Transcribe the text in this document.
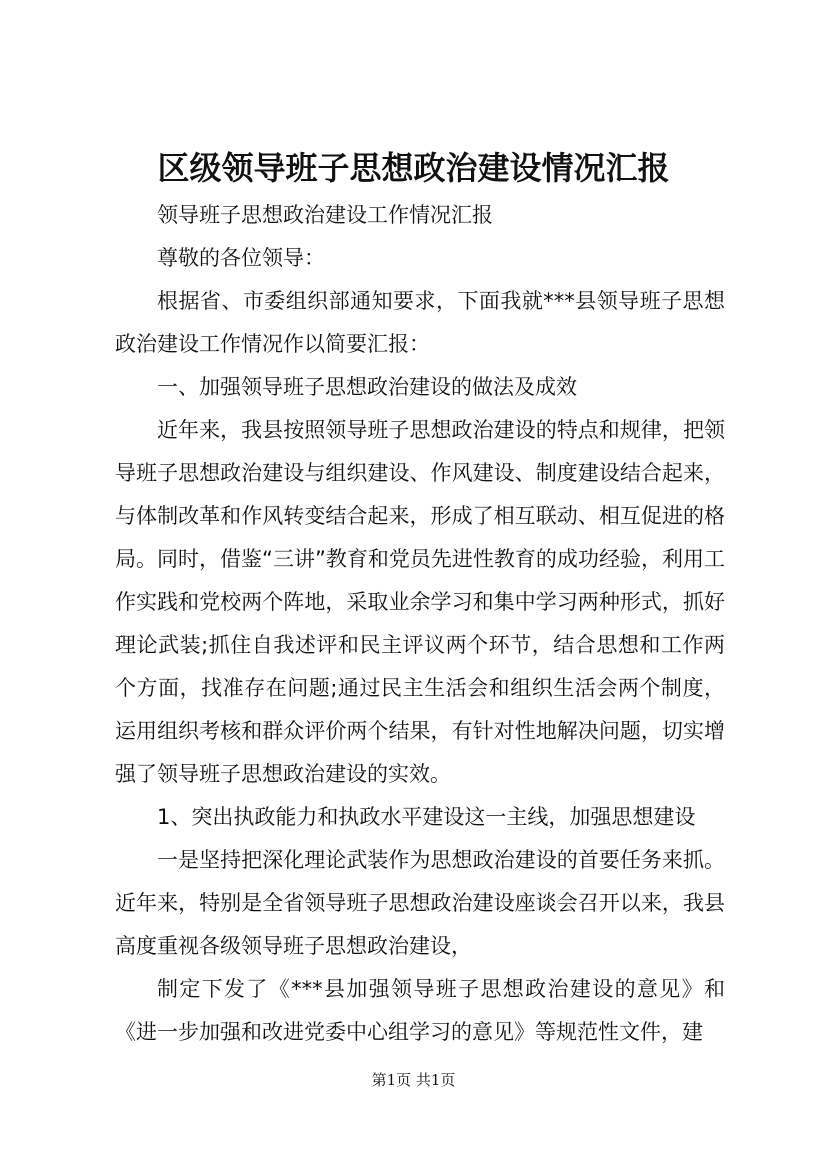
区级领导班子思想政治建设情况汇报

领导班子思想政治建设工作情况汇报

尊敬的各位领导：

根据省、市委组织部通知要求，下面我就***县领导班子思想政治建设工作情况作以简要汇报：

一、加强领导班子思想政治建设的做法及成效

近年来，我县按照领导班子思想政治建设的特点和规律，把领导班子思想政治建设与组织建设、作风建设、制度建设结合起来，与体制改革和作风转变结合起来，形成了相互联动、相互促进的格局。同时，借鉴“三讲”教育和党员先进性教育的成功经验，利用工作实践和党校两个阵地，采取业余学习和集中学习两种形式，抓好理论武装;抓住自我述评和民主评议两个环节，结合思想和工作两个方面，找准存在问题;通过民主生活会和组织生活会两个制度，运用组织考核和群众评价两个结果，有针对性地解决问题，切实增强了领导班子思想政治建设的实效。

1、突出执政能力和执政水平建设这一主线，加强思想建设

一是坚持把深化理论武装作为思想政治建设的首要任务来抓。近年来，特别是全省领导班子思想政治建设座谈会召开以来，我县高度重视各级领导班子思想政治建设，

制定下发了《***县加强领导班子思想政治建设的意见》和《进一步加强和改进党委中心组学习的意见》等规范性文件，建

第1页 共1页
